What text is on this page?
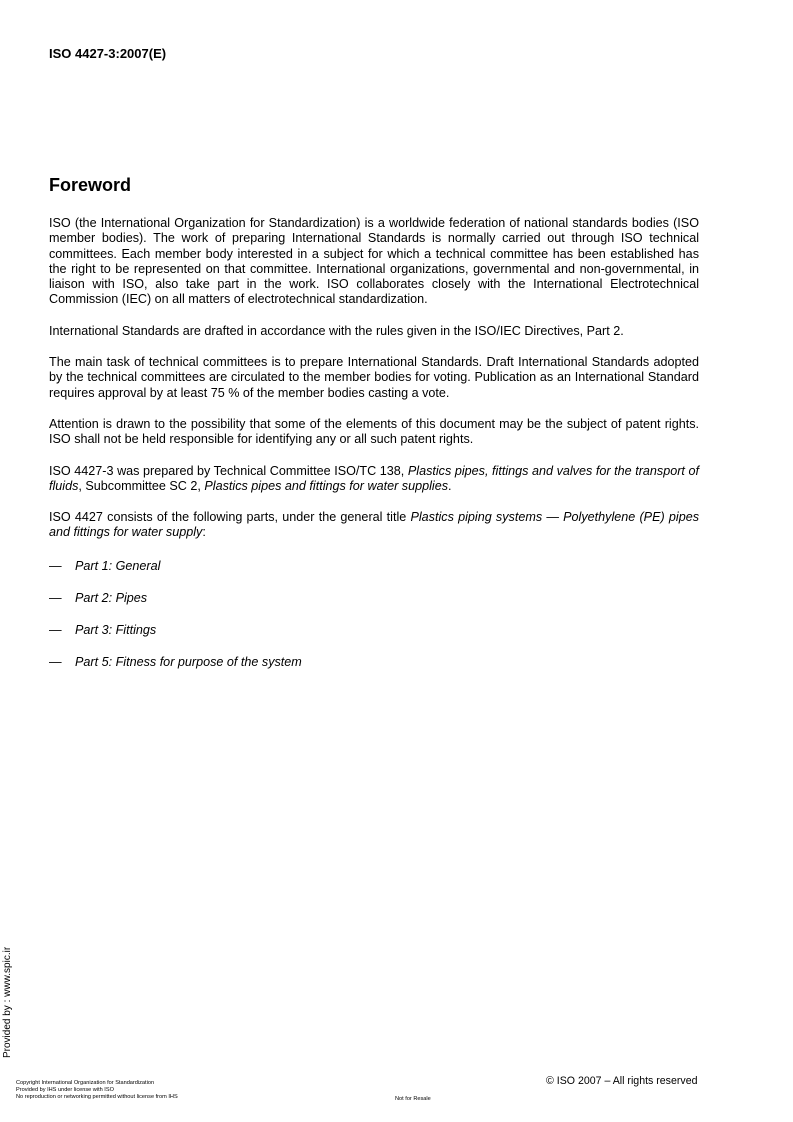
ISO 4427-3:2007(E)
Foreword

ISO (the International Organization for Standardization) is a worldwide federation of national standards bodies (ISO member bodies). The work of preparing International Standards is normally carried out through ISO technical committees. Each member body interested in a subject for which a technical committee has been established has the right to be represented on that committee. International organizations, governmental and non-governmental, in liaison with ISO, also take part in the work. ISO collaborates closely with the International Electrotechnical Commission (IEC) on all matters of electrotechnical standardization.

International Standards are drafted in accordance with the rules given in the ISO/IEC Directives, Part 2.

The main task of technical committees is to prepare International Standards. Draft International Standards adopted by the technical committees are circulated to the member bodies for voting. Publication as an International Standard requires approval by at least 75 % of the member bodies casting a vote.

Attention is drawn to the possibility that some of the elements of this document may be the subject of patent rights. ISO shall not be held responsible for identifying any or all such patent rights.

ISO 4427-3 was prepared by Technical Committee ISO/TC 138, Plastics pipes, fittings and valves for the transport of fluids, Subcommittee SC 2, Plastics pipes and fittings for water supplies.

ISO 4427 consists of the following parts, under the general title Plastics piping systems — Polyethylene (PE) pipes and fittings for water supply:

—	Part 1: General
—	Part 2: Pipes
—	Part 3: Fittings
—	Part 5: Fitness for purpose of the system
Provided by : www.spic.ir
Copyright International Organization for Standardization
Provided by IHS under license with ISO
No reproduction or networking permitted without license from IHS	Not for Resale
© ISO 2007 – All rights reserved
